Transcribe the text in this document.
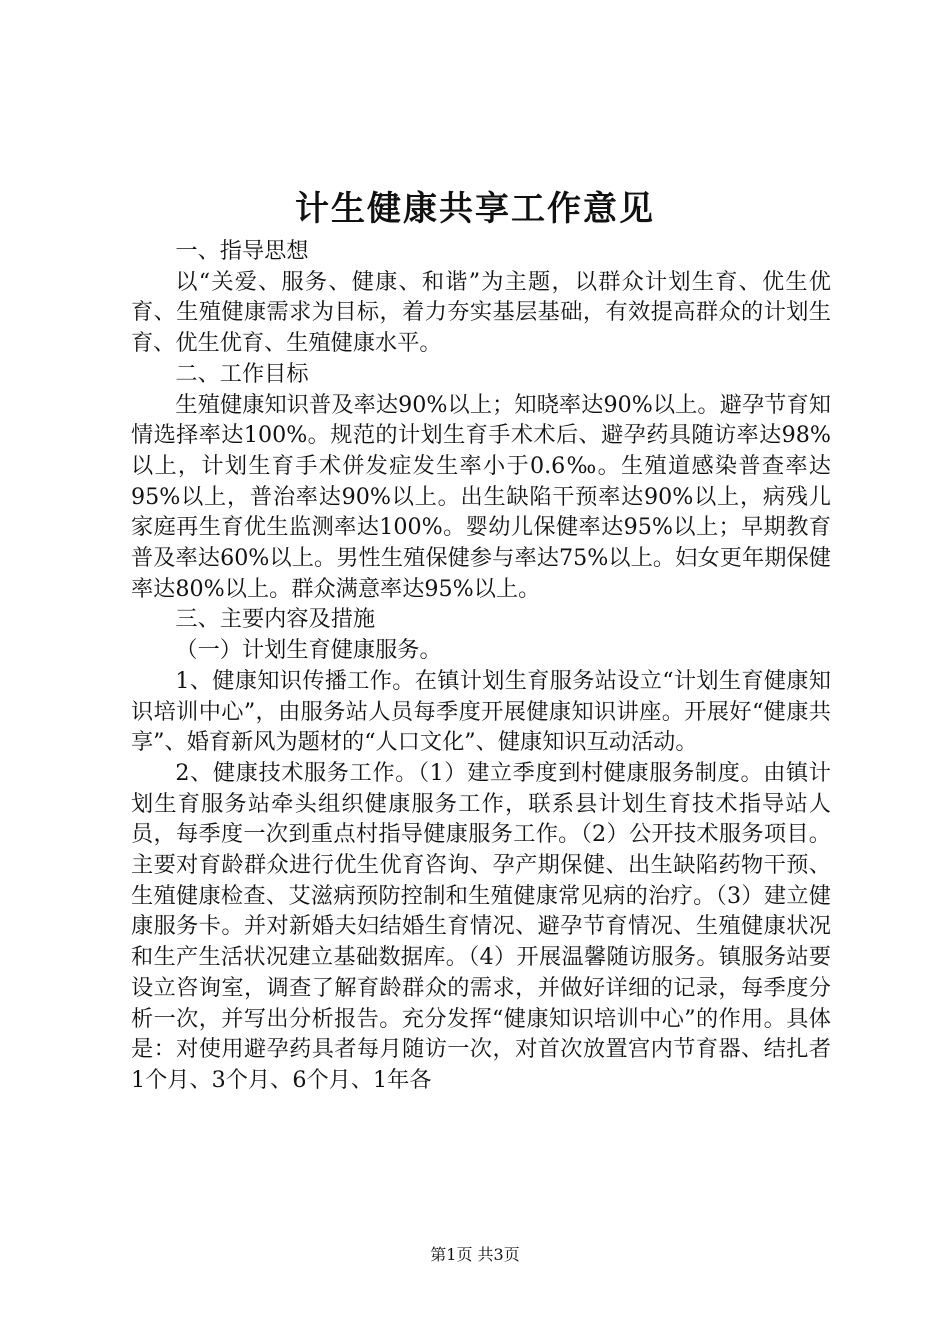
计生健康共享工作意见

一、指导思想

以“关爱、服务、健康、和谐”为主题，以群众计划生育、优生优育、生殖健康需求为目标，着力夯实基层基础，有效提高群众的计划生育、优生优育、生殖健康水平。

二、工作目标

生殖健康知识普及率达90%以上；知晓率达90%以上。避孕节育知情选择率达100%。规范的计划生育手术术后、避孕药具随访率达98%以上，计划生育手术併发症发生率小于0.6‰。生殖道感染普查率达95%以上，普治率达90%以上。出生缺陷干预率达90%以上，病残儿家庭再生育优生监测率达100%。婴幼儿保健率达95%以上；早期教育普及率达60%以上。男性生殖保健参与率达75%以上。妇女更年期保健率达80%以上。群众满意率达95%以上。

三、主要内容及措施

（一）计划生育健康服务。

1、健康知识传播工作。在镇计划生育服务站设立“计划生育健康知识培训中心”，由服务站人员每季度开展健康知识讲座。开展好“健康共享”、婚育新风为题材的“人口文化”、健康知识互动活动。

2、健康技术服务工作。（1）建立季度到村健康服务制度。由镇计划生育服务站牵头组织健康服务工作，联系县计划生育技术指导站人员，每季度一次到重点村指导健康服务工作。（2）公开技术服务项目。主要对育龄群众进行优生优育咨询、孕产期保健、出生缺陷药物干预、生殖健康检查、艾滋病预防控制和生殖健康常见病的治疗。（3）建立健康服务卡。并对新婚夫妇结婚生育情况、避孕节育情况、生殖健康状况和生产生活状况建立基础数据库。（4）开展温馨随访服务。镇服务站要设立咨询室，调查了解育龄群众的需求，并做好详细的记录，每季度分析一次，并写出分析报告。充分发挥“健康知识培训中心”的作用。具体是：对使用避孕药具者每月随访一次，对首次放置宫内节育器、结扎者1个月、3个月、6个月、1年各

第1页 共3页
